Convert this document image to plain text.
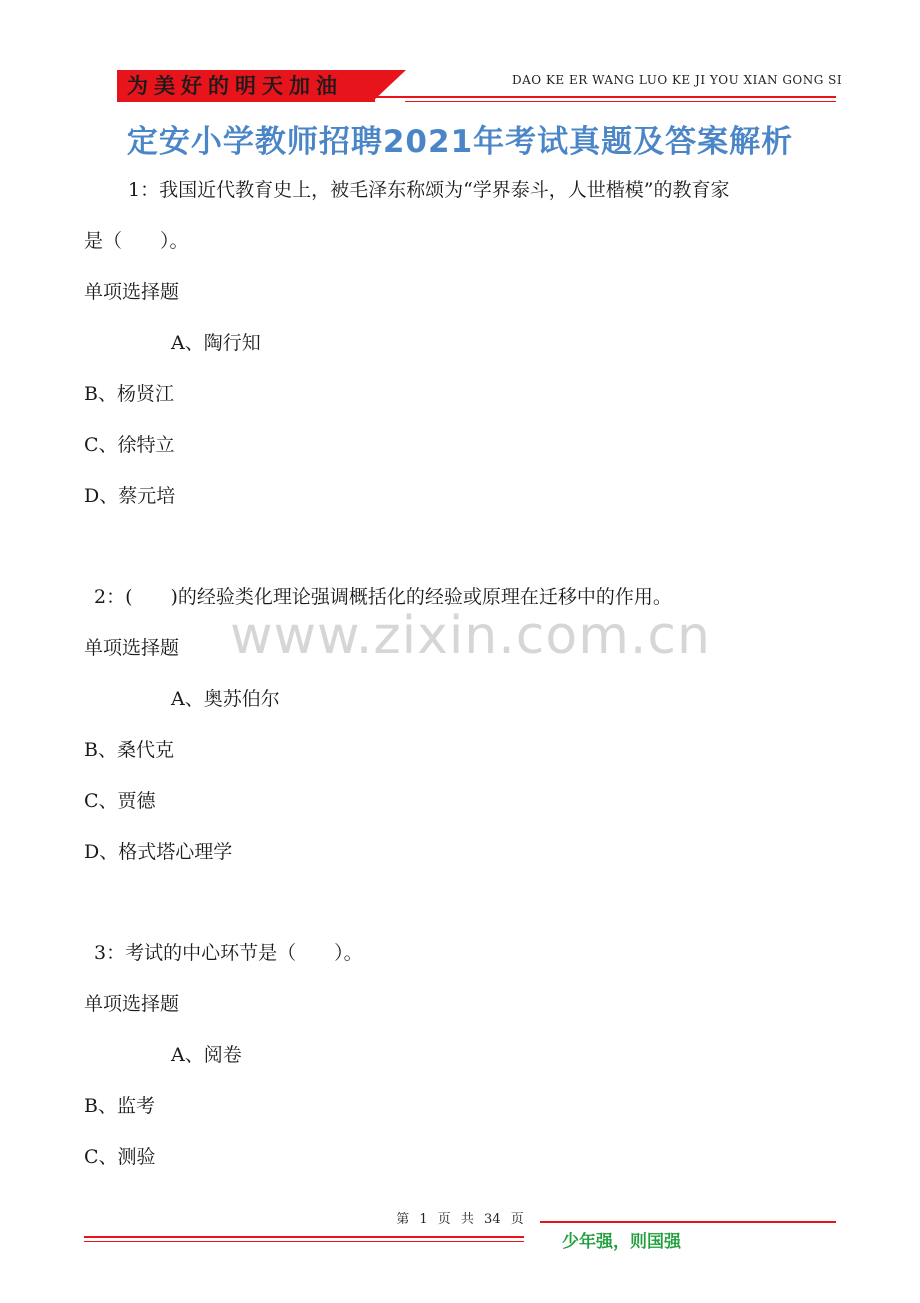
为美好的明天加油	DAO KE ER WANG LUO KE JI YOU XIAN GONG SI
定安小学教师招聘2021年考试真题及答案解析
1：我国近代教育史上，被毛泽东称颂为“学界泰斗，人世楷模”的教育家
是（　　）。
单项选择题
A、陶行知
B、杨贤江
C、徐特立
D、蔡元培
2：(　　)的经验类化理论强调概括化的经验或原理在迁移中的作用。
单项选择题
A、奥苏伯尔
B、桑代克
C、贾德
D、格式塔心理学
3：考试的中心环节是（　　）。
单项选择题
A、阅卷
B、监考
C、测验
www.zixin.com.cn
第 1 页 共 34 页
少年强，则国强
